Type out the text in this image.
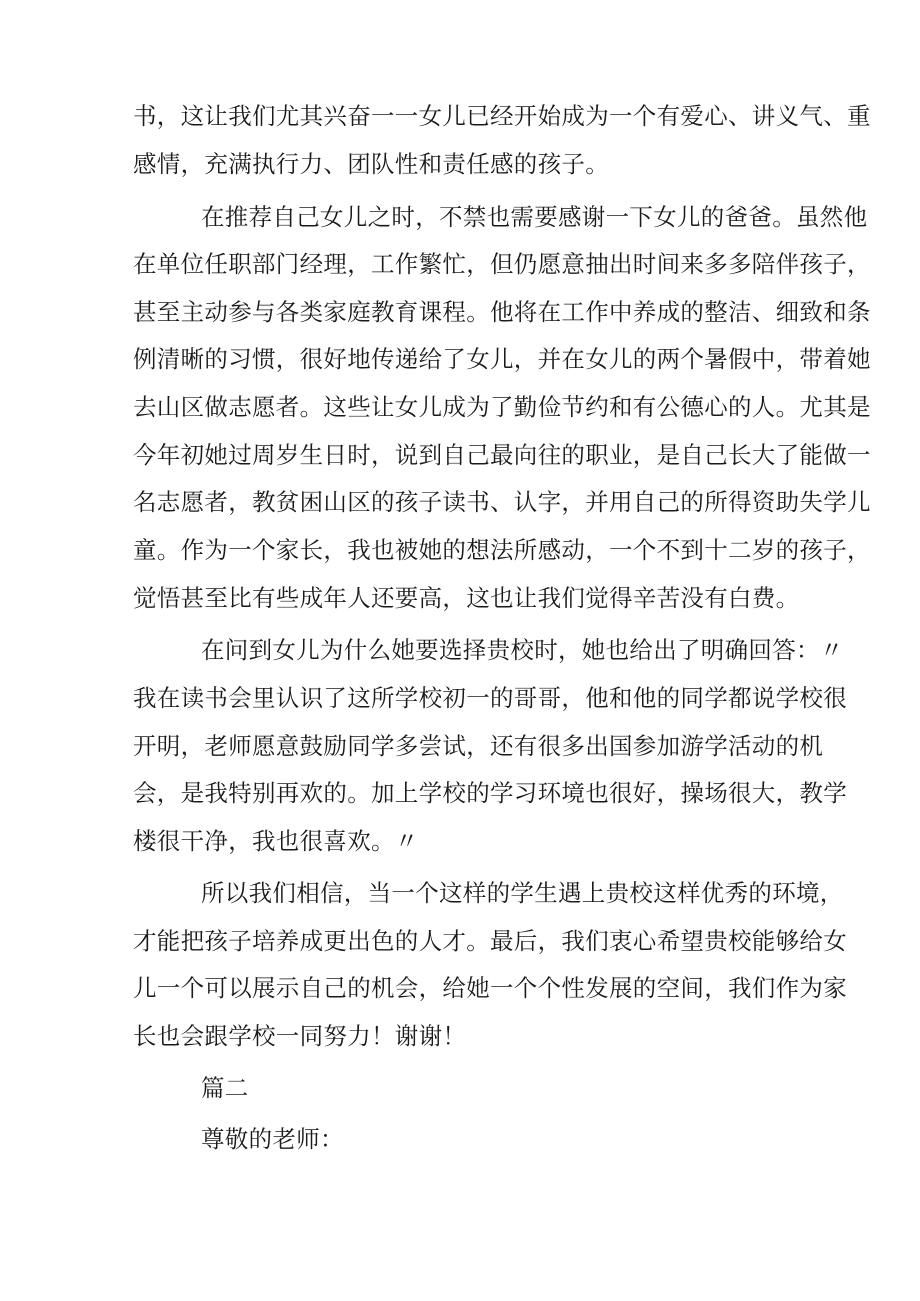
书，这让我们尤其兴奋一一女儿已经开始成为一个有爱心、讲义气、重
感情，充满执行力、团队性和责任感的孩子。
在推荐自己女儿之时，不禁也需要感谢一下女儿的爸爸。虽然他
在单位任职部门经理，工作繁忙，但仍愿意抽出时间来多多陪伴孩子，
甚至主动参与各类家庭教育课程。他将在工作中养成的整洁、细致和条
例清晰的习惯，很好地传递给了女儿，并在女儿的两个暑假中，带着她
去山区做志愿者。这些让女儿成为了勤俭节约和有公德心的人。尤其是
今年初她过周岁生日时，说到自己最向往的职业，是自己长大了能做一
名志愿者，教贫困山区的孩子读书、认字，并用自己的所得资助失学儿
童。作为一个家长，我也被她的想法所感动，一个不到十二岁的孩子，
觉悟甚至比有些成年人还要高，这也让我们觉得辛苦没有白费。
在问到女儿为什么她要选择贵校时，她也给出了明确回答：〃
我在读书会里认识了这所学校初一的哥哥，他和他的同学都说学校很
开明，老师愿意鼓励同学多尝试，还有很多出国参加游学活动的机
会，是我特别再欢的。加上学校的学习环境也很好，操场很大，教学
楼很干净，我也很喜欢。〃
所以我们相信，当一个这样的学生遇上贵校这样优秀的环境，
才能把孩子培养成更出色的人才。最后，我们衷心希望贵校能够给女
儿一个可以展示自己的机会，给她一个个性发展的空间，我们作为家
长也会跟学校一同努力！谢谢！
篇二
尊敬的老师：
